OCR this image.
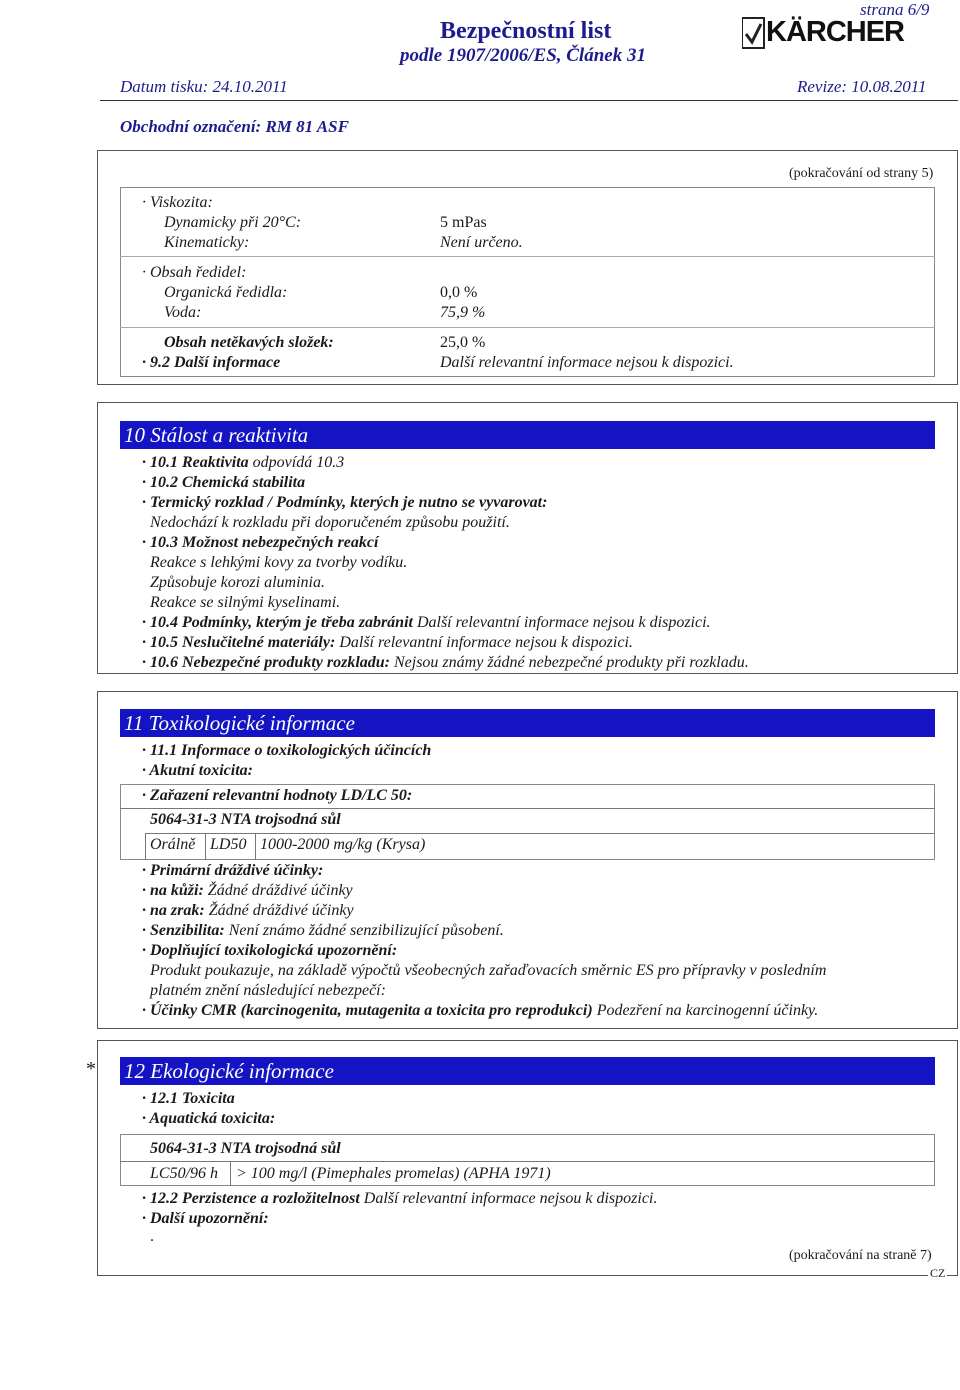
strana 6/9
Bezpečnostní list
podle 1907/2006/ES, Článek 31
KÄRCHER
Datum tisku: 24.10.2011	Revize: 10.08.2011
Obchodní označení: RM 81 ASF
(pokračování od strany 5)
· Viskozita:
Dynamicky při 20°C:	5 mPas
Kinematicky:	Není určeno.
· Obsah ředidel:
Organická ředidla:	0,0 %
Voda:	75,9 %
Obsah netěkavých složek:	25,0 %
· 9.2 Další informace	Další relevantní informace nejsou k dispozici.
10 Stálost a reaktivita
· 10.1 Reaktivita odpovídá 10.3
· 10.2 Chemická stabilita
· Termický rozklad / Podmínky, kterých je nutno se vyvarovat:
Nedochází k rozkladu při doporučeném způsobu použití.
· 10.3 Možnost nebezpečných reakcí
Reakce s lehkými kovy za tvorby vodíku.
Způsobuje korozi aluminia.
Reakce se silnými kyselinami.
· 10.4 Podmínky, kterým je třeba zabránit Další relevantní informace nejsou k dispozici.
· 10.5 Neslučitelné materiály: Další relevantní informace nejsou k dispozici.
· 10.6 Nebezpečné produkty rozkladu: Nejsou známy žádné nebezpečné produkty při rozkladu.
11 Toxikologické informace
· 11.1 Informace o toxikologických účincích
· Akutní toxicita:
· Zařazení relevantní hodnoty LD/LC 50:
5064-31-3 NTA trojsodná sůl
Orálně LD50 1000-2000 mg/kg (Krysa)
· Primární dráždivé účinky:
· na kůži: Žádné dráždivé účinky
· na zrak: Žádné dráždivé účinky
· Senzibilita: Není známo žádné senzibilizující působení.
· Doplňující toxikologická upozornění:
Produkt poukazuje, na základě výpočtů všeobecných zařaďovacích směrnic ES pro přípravky v posledním
platném znění následující nebezpečí:
· Účinky CMR (karcinogenita, mutagenita a toxicita pro reprodukci) Podezření na karcinogenní účinky.
* 12 Ekologické informace
· 12.1 Toxicita
· Aquatická toxicita:
5064-31-3 NTA trojsodná sůl
LC50/96 h > 100 mg/l (Pimephales promelas) (APHA 1971)
· 12.2 Perzistence a rozložitelnost Další relevantní informace nejsou k dispozici.
· Další upozornění:
.
(pokračování na straně 7)
CZ
